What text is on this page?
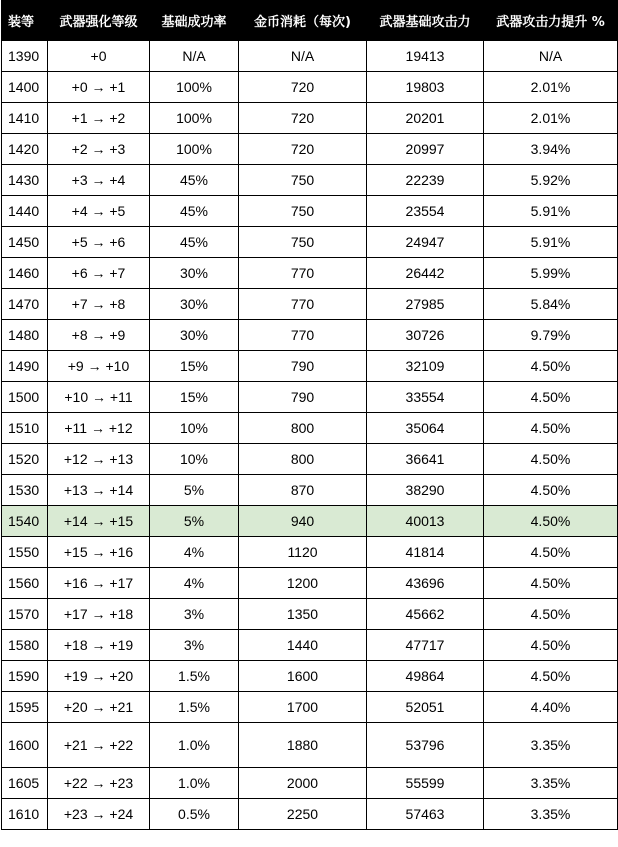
装等	武器强化等级	基础成功率	金币消耗（每次)	武器基础攻击力	武器攻击力提升 %
1390	+0	N/A	N/A	19413	N/A
1400	+0 → +1	100%	720	19803	2.01%
1410	+1 → +2	100%	720	20201	2.01%
1420	+2 → +3	100%	720	20997	3.94%
1430	+3 → +4	45%	750	22239	5.92%
1440	+4 → +5	45%	750	23554	5.91%
1450	+5 → +6	45%	750	24947	5.91%
1460	+6 → +7	30%	770	26442	5.99%
1470	+7 → +8	30%	770	27985	5.84%
1480	+8 → +9	30%	770	30726	9.79%
1490	+9 → +10	15%	790	32109	4.50%
1500	+10 → +11	15%	790	33554	4.50%
1510	+11 → +12	10%	800	35064	4.50%
1520	+12 → +13	10%	800	36641	4.50%
1530	+13 → +14	5%	870	38290	4.50%
1540	+14 → +15	5%	940	40013	4.50%
1550	+15 → +16	4%	1120	41814	4.50%
1560	+16 → +17	4%	1200	43696	4.50%
1570	+17 → +18	3%	1350	45662	4.50%
1580	+18 → +19	3%	1440	47717	4.50%
1590	+19 → +20	1.5%	1600	49864	4.50%
1595	+20 → +21	1.5%	1700	52051	4.40%
1600	+21 → +22	1.0%	1880	53796	3.35%
1605	+22 → +23	1.0%	2000	55599	3.35%
1610	+23 → +24	0.5%	2250	57463	3.35%
